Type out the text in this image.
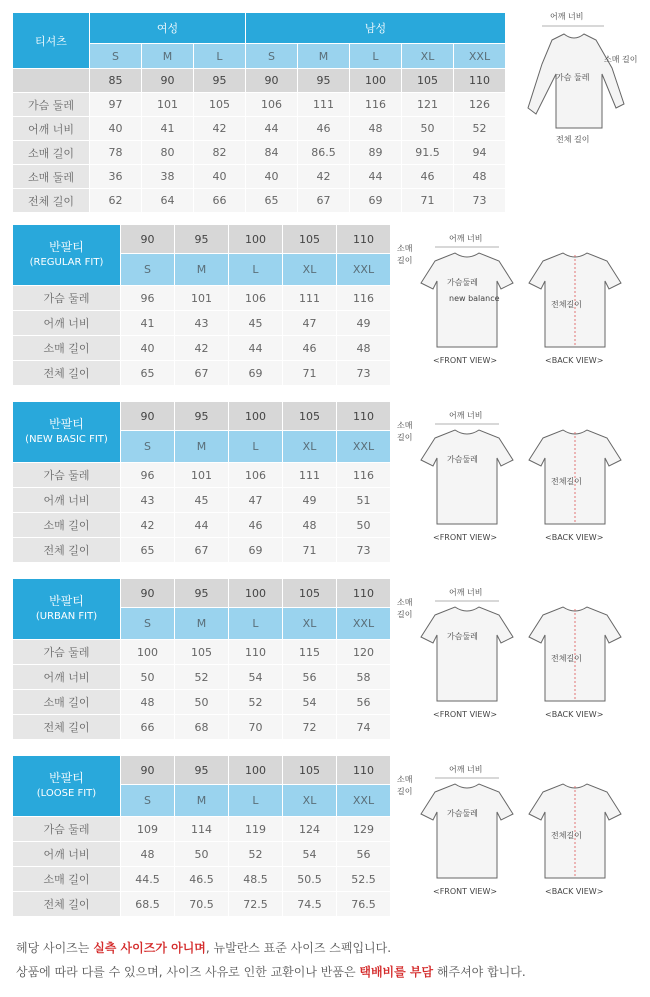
티셔츠	여성			남성				
	S	M	L	S	M	L	XL	XXL
	85	90	95	90	95	100	105	110
가슴 둘레	97	101	105	106	111	116	121	126
어깨 너비	40	41	42	44	46	48	50	52
소매 길이	78	80	82	84	86.5	89	91.5	94
소매 둘레	36	38	40	40	42	44	46	48
전체 길이	62	64	66	65	67	69	71	73
어깨 너비
가슴 둘레
소매 길이
전체 길이
반팔티
(REGULAR FIT)	90	95	100	105	110
	S	M	L	XL	XXL
가슴 둘레	96	101	106	111	116
어깨 너비	41	43	45	47	49
소매 길이	40	42	44	46	48
전체 길이	65	67	69	71	73
어깨 너비
소매
길이
가슴둘레
new balance
전체길이
<FRONT VIEW>	<BACK VIEW>
반팔티
(NEW BASIC FIT)	90	95	100	105	110
	S	M	L	XL	XXL
가슴 둘레	96	101	106	111	116
어깨 너비	43	45	47	49	51
소매 길이	42	44	46	48	50
전체 길이	65	67	69	71	73
어깨 너비
소매
길이
가슴둘레
전체길이
<FRONT VIEW>	<BACK VIEW>
반팔티
(URBAN FIT)	90	95	100	105	110
	S	M	L	XL	XXL
가슴 둘레	100	105	110	115	120
어깨 너비	50	52	54	56	58
소매 길이	48	50	52	54	56
전체 길이	66	68	70	72	74
어깨 너비
소매
길이
가슴둘레
전체길이
<FRONT VIEW>	<BACK VIEW>
반팔티
(LOOSE FIT)	90	95	100	105	110
	S	M	L	XL	XXL
가슴 둘레	109	114	119	124	129
어깨 너비	48	50	52	54	56
소매 길이	44.5	46.5	48.5	50.5	52.5
전체 길이	68.5	70.5	72.5	74.5	76.5
어깨 너비
소매
길이
가슴둘레
전체길이
<FRONT VIEW>	<BACK VIEW>
헤당 사이즈는 실측 사이즈가 아니며, 뉴발란스 표준 사이즈 스펙입니다.
상품에 따라 다를 수 있으며, 사이즈 사유로 인한 교환이나 반품은 택배비를 부담 해주셔야 합니다.
